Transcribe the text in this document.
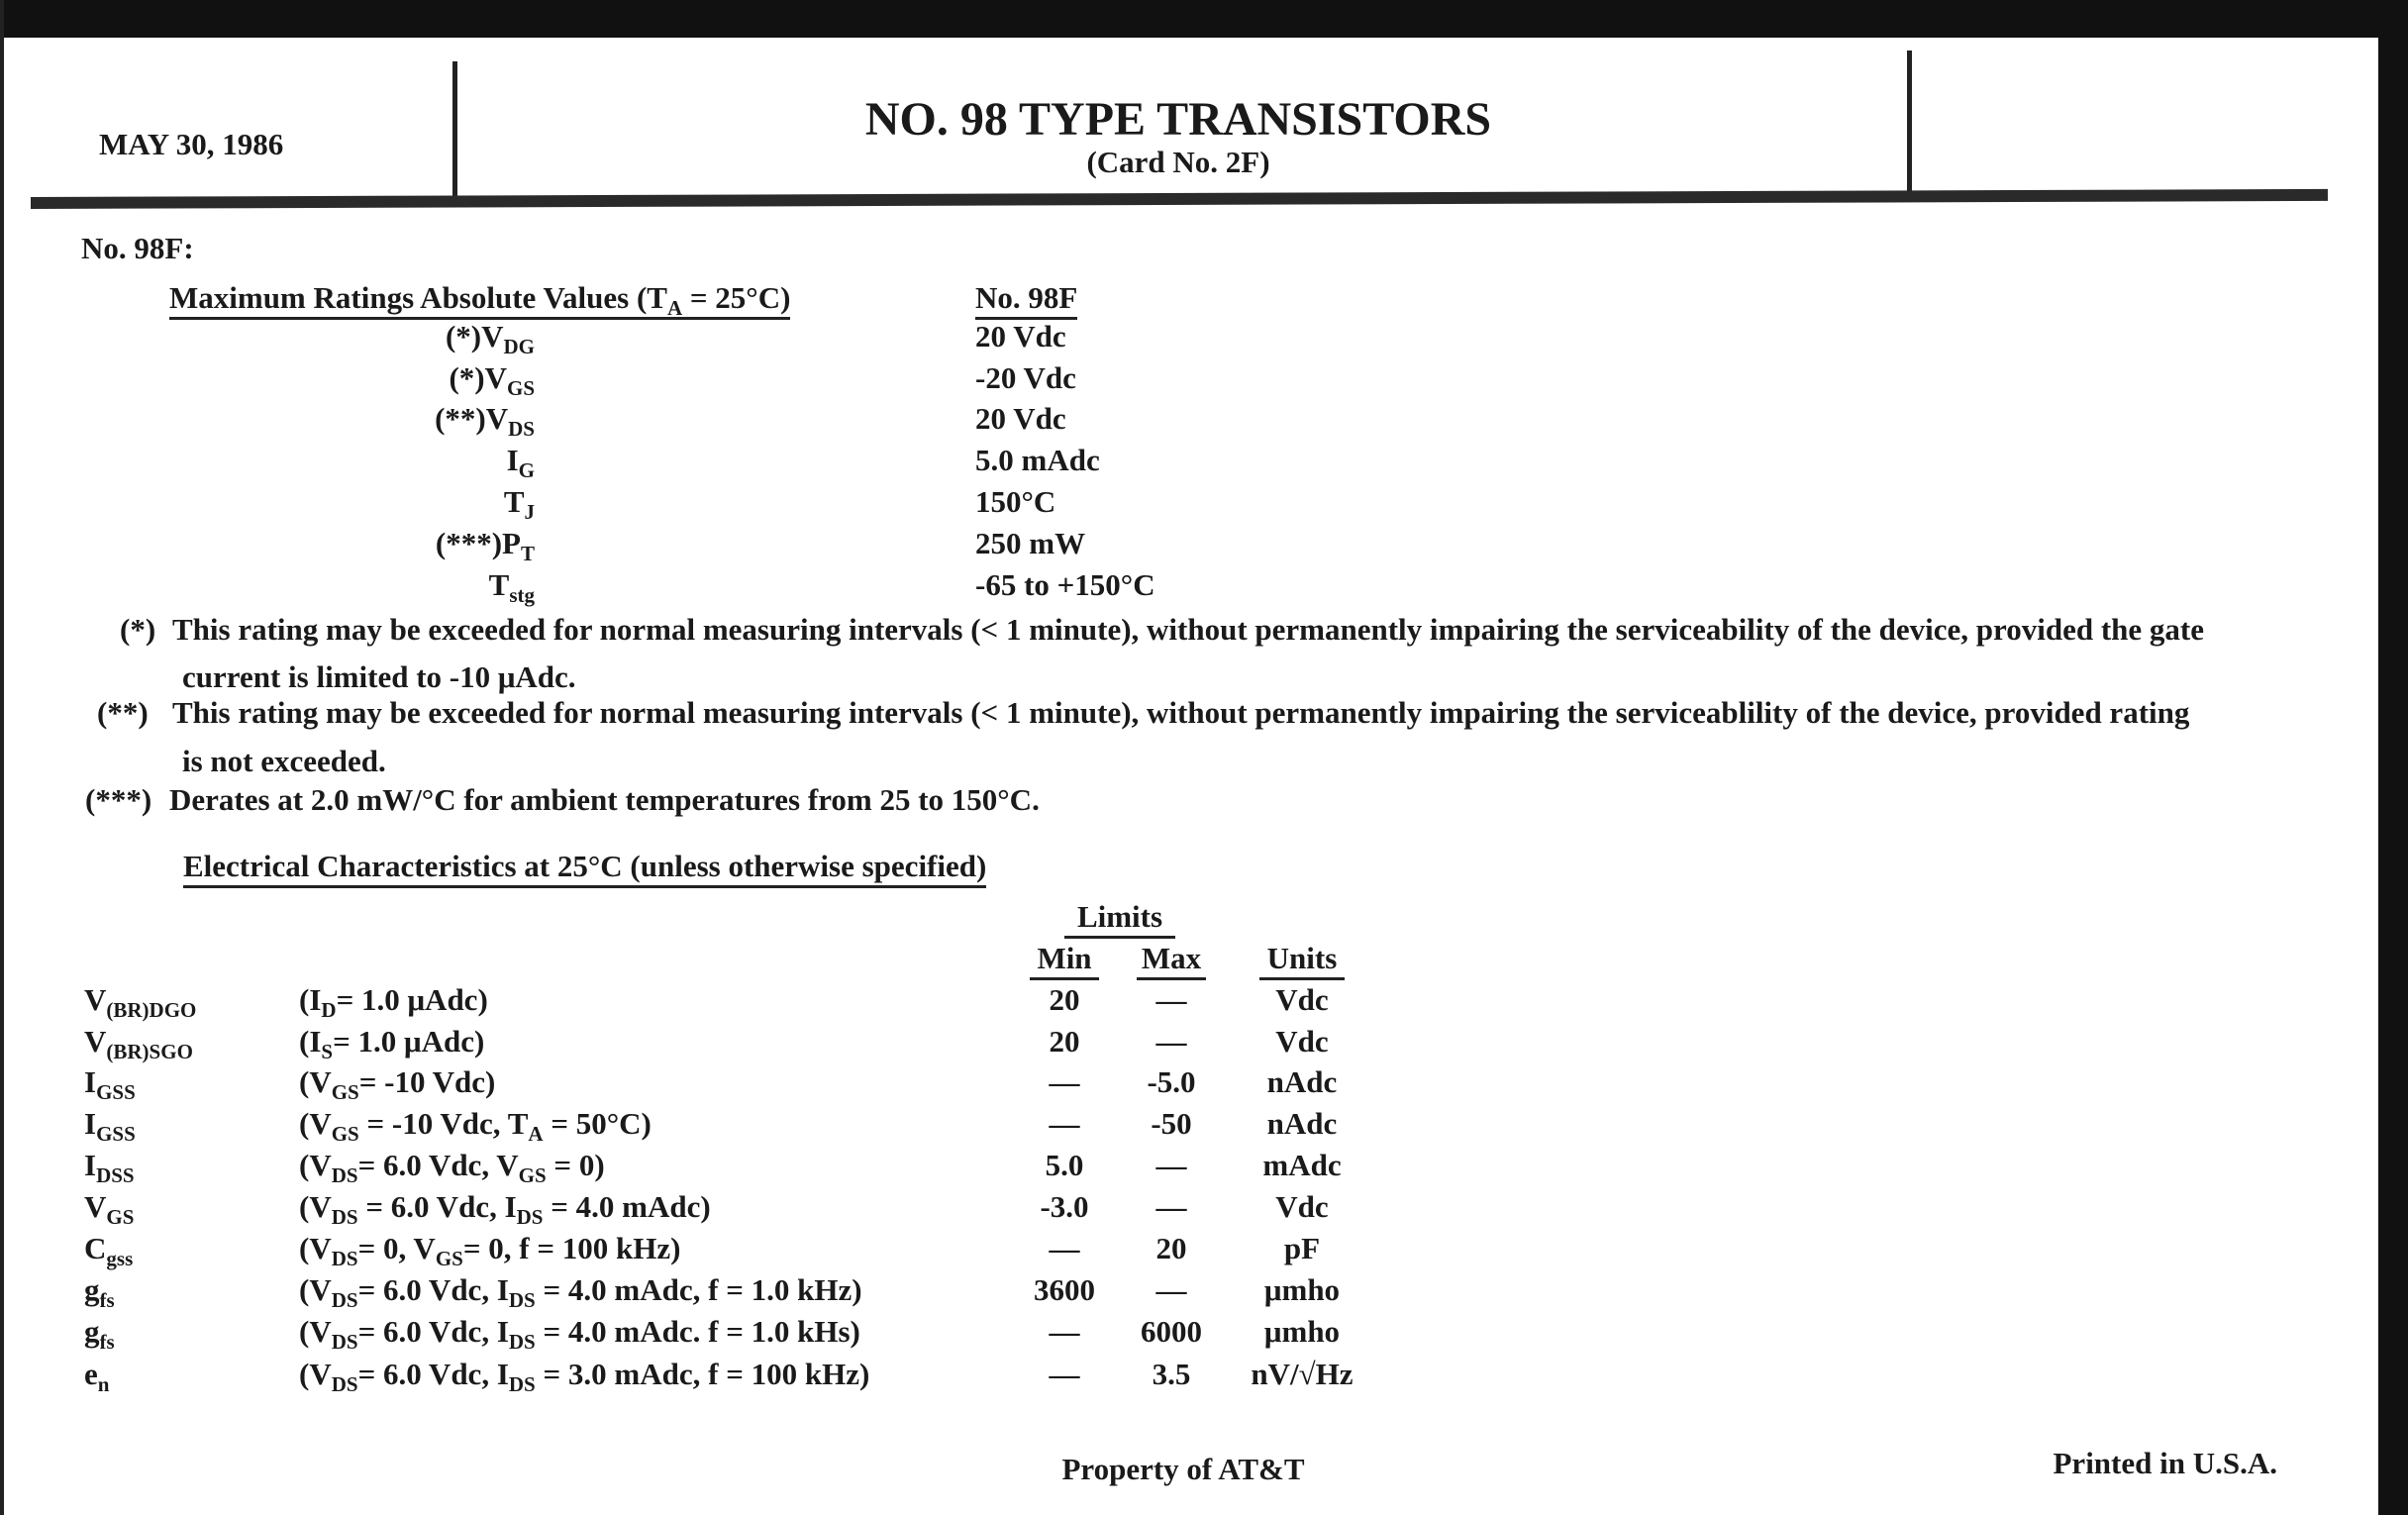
MAY 30, 1986	NO. 98 TYPE TRANSISTORS
(Card No. 2F)
No. 98F:
Maximum Ratings Absolute Values $(T_A = 25^\circ C)$	No. 98F
$(*)V_{DG}$	20 Vdc
$(*)V_{GS}$	-20 Vdc
$(**)V_{DS}$	20 Vdc
$I_G$	5.0 mAdc
$T_J$	150°C
$(***)P_T$	250 mW
$T_{stg}$	-65 to +150°C
(*) This rating may be exceeded for normal measuring intervals (< 1 minute), without permanently impairing the serviceability of the device, provided the gate
current is limited to -10 μAdc.
(**) This rating may be exceeded for normal measuring intervals (< 1 minute), without permanently impairing the serviceablility of the device, provided rating
is not exceeded.
(***) Derates at 2.0 mW/°C for ambient temperatures from 25 to 150°C.
Electrical Characteristics at 25°C (unless otherwise specified)
Limits
Min Max Units
$V_{(BR)DGO}$	($I_D= 1.0$ μAdc)	20	—	Vdc
$V_{(BR)SGO}$	($I_S= 1.0$ μAdc)	20	—	Vdc
$I_{GSS}$	($V_{GS}= -10$ Vdc)	—	-5.0	nAdc
$I_{GSS}$	($V_{GS} = -10$ Vdc, $T_A = 50^\circ C$)	—	-50	nAdc
$I_{DSS}$	($V_{DS}= 6.0$ Vdc, $V_{GS} = 0$)	5.0	—	mAdc
$V_{GS}$	($V_{DS} = 6.0$ Vdc, $I_{DS} = 4.0$ mAdc)	-3.0	—	Vdc
$C_{gss}$	($V_{DS}= 0$, $V_{GS}= 0$, f = 100 kHz)	—	20	pF
$g_{fs}$	($V_{DS}= 6.0$ Vdc, $I_{DS} = 4.0$ mAdc, f = 1.0 kHz)	3600	—	μmho
$g_{fs}$	($V_{DS}= 6.0$ Vdc, $I_{DS} = 4.0$ mAdc. f = 1.0 kHs)	—	6000	μmho
$e_n$	($V_{DS}= 6.0$ Vdc, $I_{DS} = 3.0$ mAdc, f = 100 kHz)	—	3.5	nV/√Hz
Property of AT&T	Printed in U.S.A.
